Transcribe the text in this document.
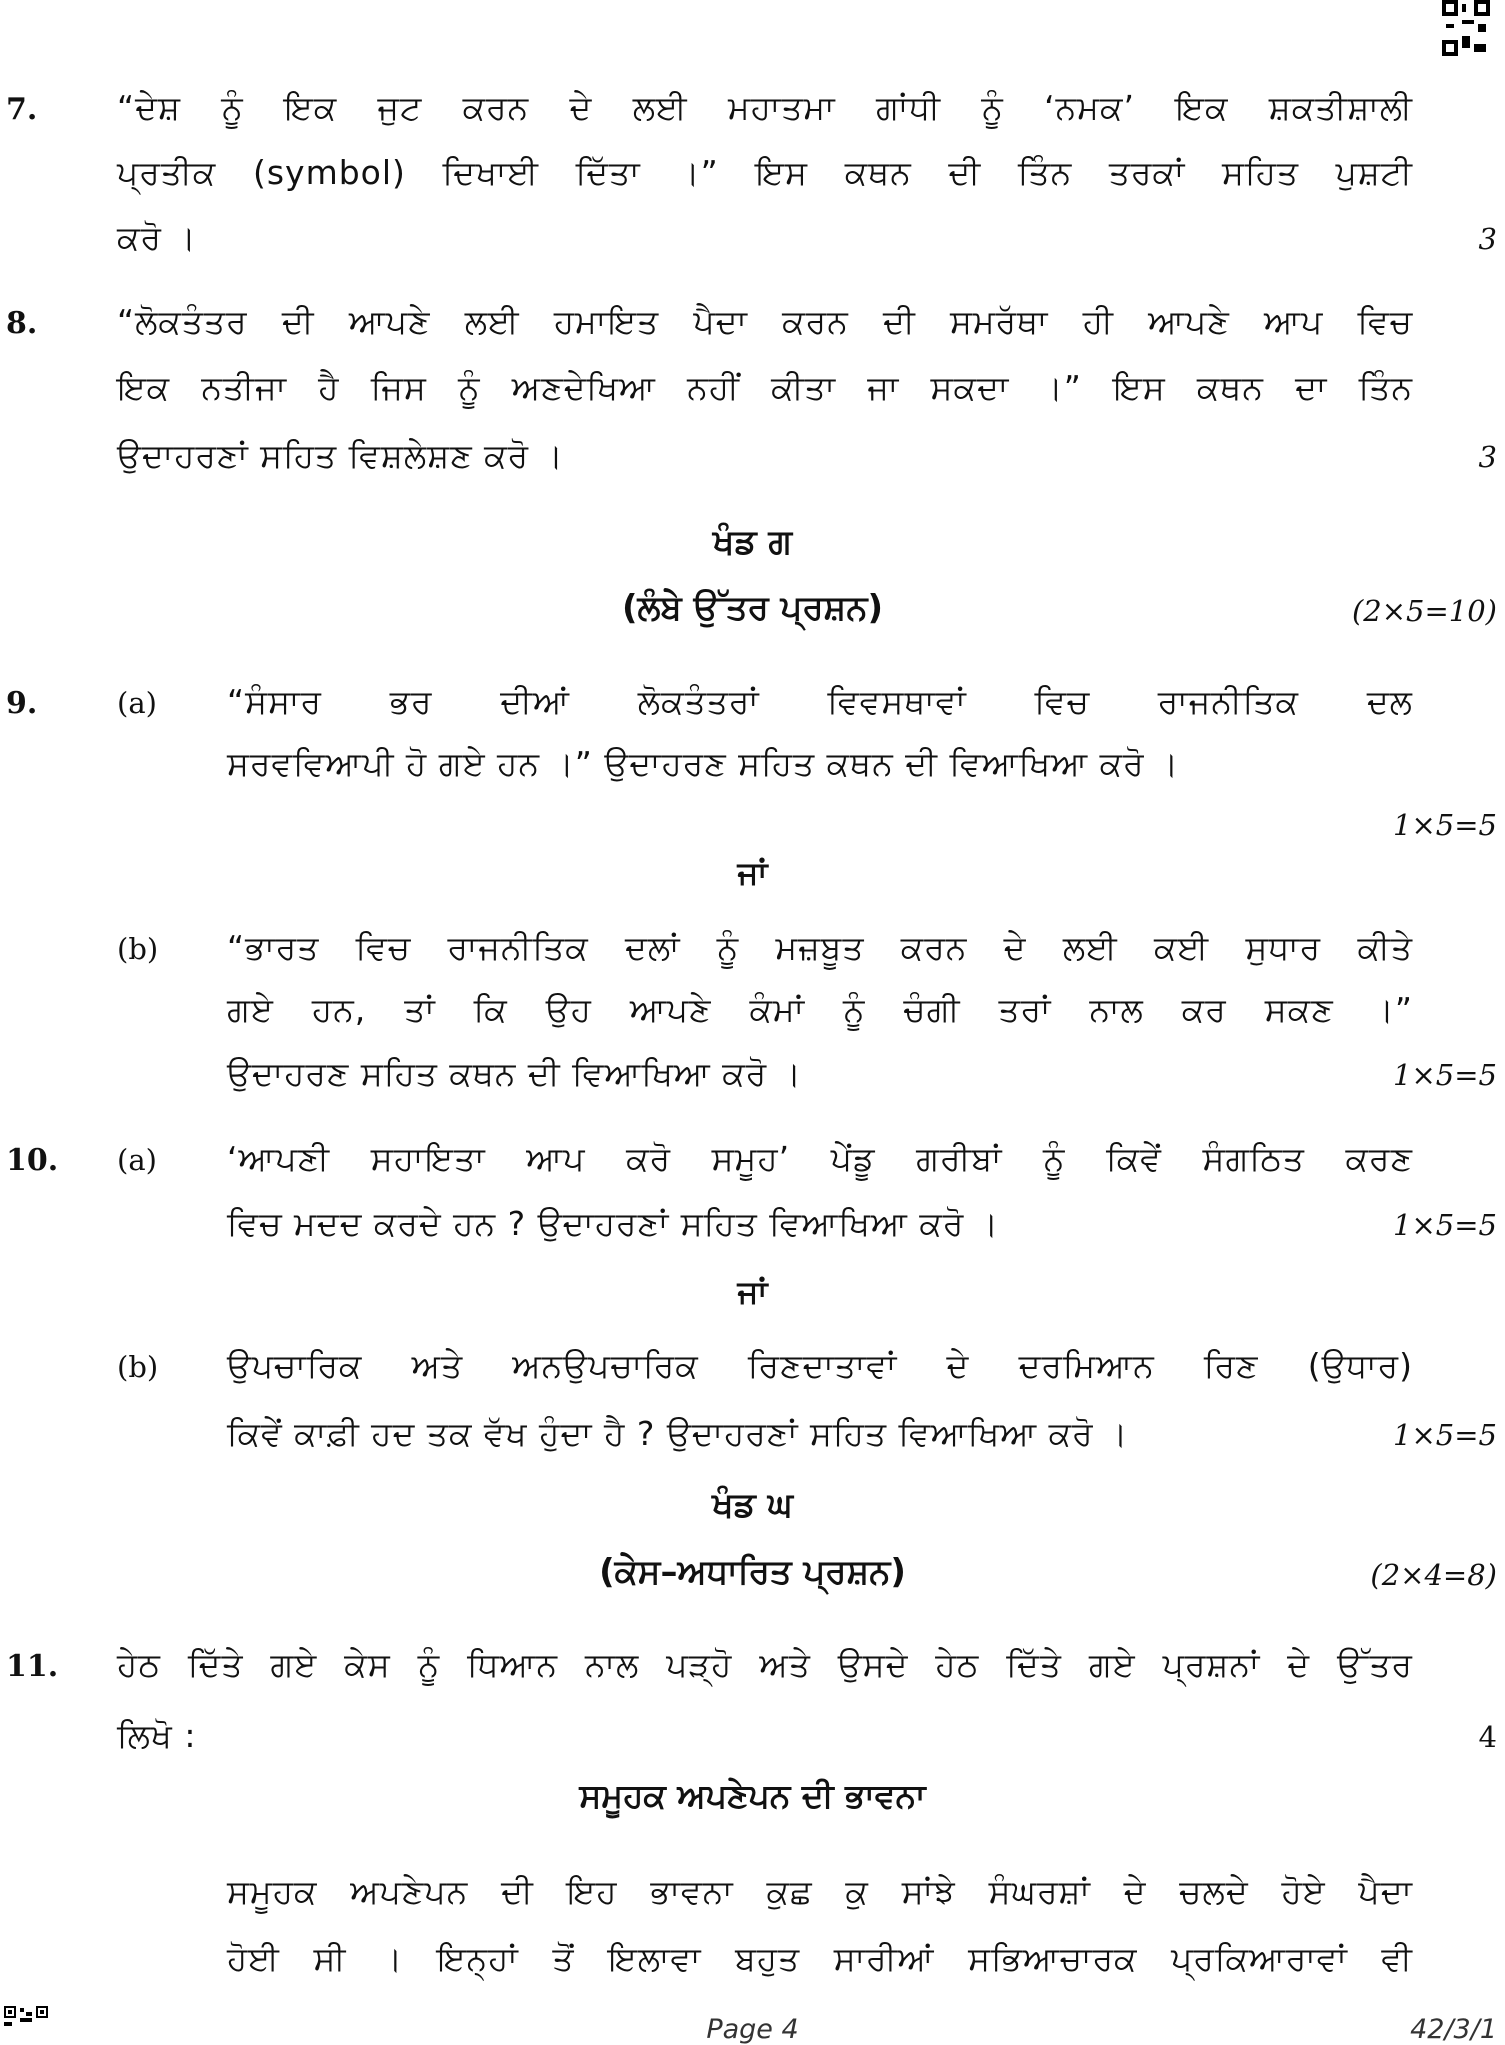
7. “ਦੇਸ਼ ਨੂੰ ਇਕ ਜੁਟ ਕਰਨ ਦੇ ਲਈ ਮਹਾਤਮਾ ਗਾਂਧੀ ਨੂੰ ‘ਨਮਕ’ ਇਕ ਸ਼ਕਤੀਸ਼ਾਲੀ
ਪ੍ਰਤੀਕ (symbol) ਦਿਖਾਈ ਦਿੱਤਾ ।” ਇਸ ਕਥਨ ਦੀ ਤਿੰਨ ਤਰਕਾਂ ਸਹਿਤ ਪੁਸ਼ਟੀ
ਕਰੋ ।	3
8. “ਲੋਕਤੰਤਰ ਦੀ ਆਪਣੇ ਲਈ ਹਮਾਇਤ ਪੈਦਾ ਕਰਨ ਦੀ ਸਮਰੱਥਾ ਹੀ ਆਪਣੇ ਆਪ ਵਿਚ
ਇਕ ਨਤੀਜਾ ਹੈ ਜਿਸ ਨੂੰ ਅਣਦੇਖਿਆ ਨਹੀਂ ਕੀਤਾ ਜਾ ਸਕਦਾ ।” ਇਸ ਕਥਨ ਦਾ ਤਿੰਨ
ਉਦਾਹਰਣਾਂ ਸਹਿਤ ਵਿਸ਼ਲੇਸ਼ਣ ਕਰੋ ।	3
ਖੰਡ ਗ
(ਲੰਬੇ ਉੱਤਰ ਪ੍ਰਸ਼ਨ)	(2×5=10)
9.	(a) “ਸੰਸਾਰ ਭਰ ਦੀਆਂ ਲੋਕਤੰਤਰਾਂ ਵਿਵਸਥਾਵਾਂ ਵਿਚ ਰਾਜਨੀਤਿਕ ਦਲ
ਸਰਵਵਿਆਪੀ ਹੋ ਗਏ ਹਨ ।” ਉਦਾਹਰਣ ਸਹਿਤ ਕਥਨ ਦੀ ਵਿਆਖਿਆ ਕਰੋ ।
1×5=5
ਜਾਂ
(b) “ਭਾਰਤ ਵਿਚ ਰਾਜਨੀਤਿਕ ਦਲਾਂ ਨੂੰ ਮਜ਼ਬੂਤ ਕਰਨ ਦੇ ਲਈ ਕਈ ਸੁਧਾਰ ਕੀਤੇ
ਗਏ ਹਨ, ਤਾਂ ਕਿ ਉਹ ਆਪਣੇ ਕੰਮਾਂ ਨੂੰ ਚੰਗੀ ਤਰਾਂ ਨਾਲ ਕਰ ਸਕਣ ।”
ਉਦਾਹਰਣ ਸਹਿਤ ਕਥਨ ਦੀ ਵਿਆਖਿਆ ਕਰੋ ।	1×5=5
10. (a) ‘ਆਪਣੀ ਸਹਾਇਤਾ ਆਪ ਕਰੋ ਸਮੂਹ’ ਪੇਂਡੂ ਗਰੀਬਾਂ ਨੂੰ ਕਿਵੇਂ ਸੰਗਠਿਤ ਕਰਣ
ਵਿਚ ਮਦਦ ਕਰਦੇ ਹਨ ? ਉਦਾਹਰਣਾਂ ਸਹਿਤ ਵਿਆਖਿਆ ਕਰੋ ।	1×5=5
ਜਾਂ
(b) ਉਪਚਾਰਿਕ ਅਤੇ ਅਨਉਪਚਾਰਿਕ ਰਿਣਦਾਤਾਵਾਂ ਦੇ ਦਰਮਿਆਨ ਰਿਣ (ਉਧਾਰ)
ਕਿਵੇਂ ਕਾਫ਼ੀ ਹਦ ਤਕ ਵੱਖ ਹੁੰਦਾ ਹੈ ? ਉਦਾਹਰਣਾਂ ਸਹਿਤ ਵਿਆਖਿਆ ਕਰੋ ।	1×5=5
ਖੰਡ ਘ
(ਕੇਸ–ਅਧਾਰਿਤ ਪ੍ਰਸ਼ਨ)	(2×4=8)
11. ਹੇਠ ਦਿੱਤੇ ਗਏ ਕੇਸ ਨੂੰ ਧਿਆਨ ਨਾਲ ਪੜ੍ਹੋ ਅਤੇ ਉਸਦੇ ਹੇਠ ਦਿੱਤੇ ਗਏ ਪ੍ਰਸ਼ਨਾਂ ਦੇ ਉੱਤਰ
ਲਿਖੋ :	4
ਸਮੂਹਕ ਅਪਣੇਪਨ ਦੀ ਭਾਵਨਾ
ਸਮੂਹਕ ਅਪਣੇਪਨ ਦੀ ਇਹ ਭਾਵਨਾ ਕੁਛ ਕੁ ਸਾਂਝੇ ਸੰਘਰਸ਼ਾਂ ਦੇ ਚਲਦੇ ਹੋਏ ਪੈਦਾ
ਹੋਈ ਸੀ । ਇਨ੍ਹਾਂ ਤੋਂ ਇਲਾਵਾ ਬਹੁਤ ਸਾਰੀਆਂ ਸਭਿਆਚਾਰਕ ਪ੍ਰਕਿਆਰਾਵਾਂ ਵੀ
Page 4	42/3/1
